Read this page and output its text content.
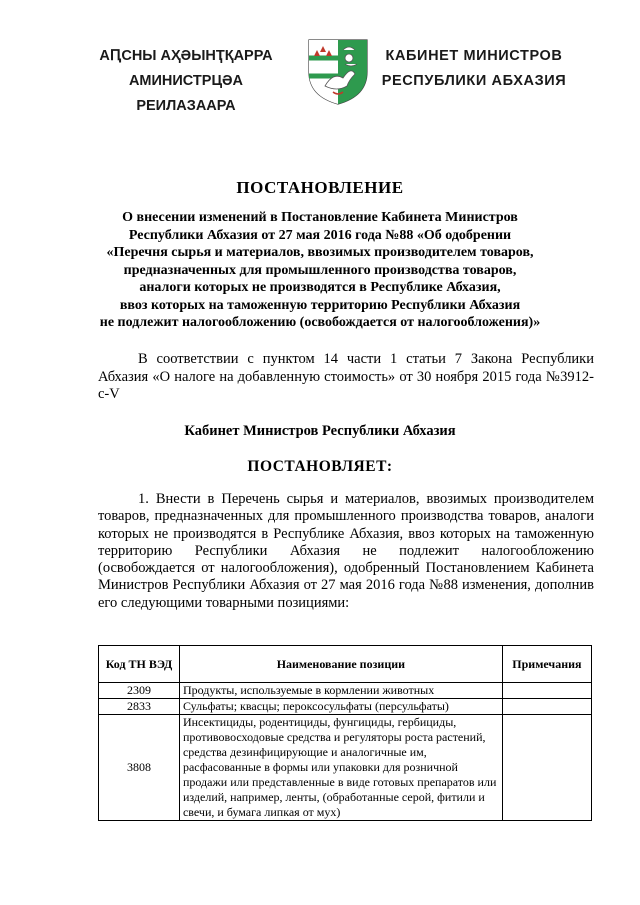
АԤСНЫ АҲӘЫНҬҚАРРА
АМИНИСТРЦӘА РЕИЛАЗААРА
КАБИНЕТ МИНИСТРОВ
РЕСПУБЛИКИ АБХАЗИЯ
ПОСТАНОВЛЕНИЕ
О внесении изменений в Постановление Кабинета Министров
Республики Абхазия от 27 мая 2016 года №88 «Об одобрении
«Перечня сырья и материалов, ввозимых производителем товаров,
предназначенных для промышленного производства товаров,
аналоги которых не производятся в Республике Абхазия,
ввоз которых на таможенную территорию Республики Абхазия
не подлежит налогообложению (освобождается от налогообложения)»
В соответствии с пунктом 14 части 1 статьи 7 Закона Республики Абхазия «О налоге на добавленную стоимость» от 30 ноября 2015 года №3912-с-V
Кабинет Министров Республики Абхазия
ПОСТАНОВЛЯЕТ:
1. Внести в Перечень сырья и материалов, ввозимых производителем товаров, предназначенных для промышленного производства товаров, аналоги которых не производятся в Республике Абхазия, ввоз которых на таможенную территорию Республики Абхазия не подлежит налогообложению (освобождается от налогообложения), одобренный Постановлением Кабинета Министров Республики Абхазия от 27 мая 2016 года №88 изменения, дополнив его следующими товарными позициями:
Код ТН ВЭД	Наименование позиции	Примечания
2309	Продукты, используемые в кормлении животных	
2833	Сульфаты; квасцы; пероксосульфаты (персульфаты)	
3808	Инсектициды, родентициды, фунгициды, гербициды, противовосходовые средства и регуляторы роста растений, средства дезинфицирующие и аналогичные им, расфасованные в формы или упаковки для розничной продажи или представленные в виде готовых препаратов или изделий, например, ленты, (обработанные серой, фитили и свечи, и бумага липкая от мух)	
